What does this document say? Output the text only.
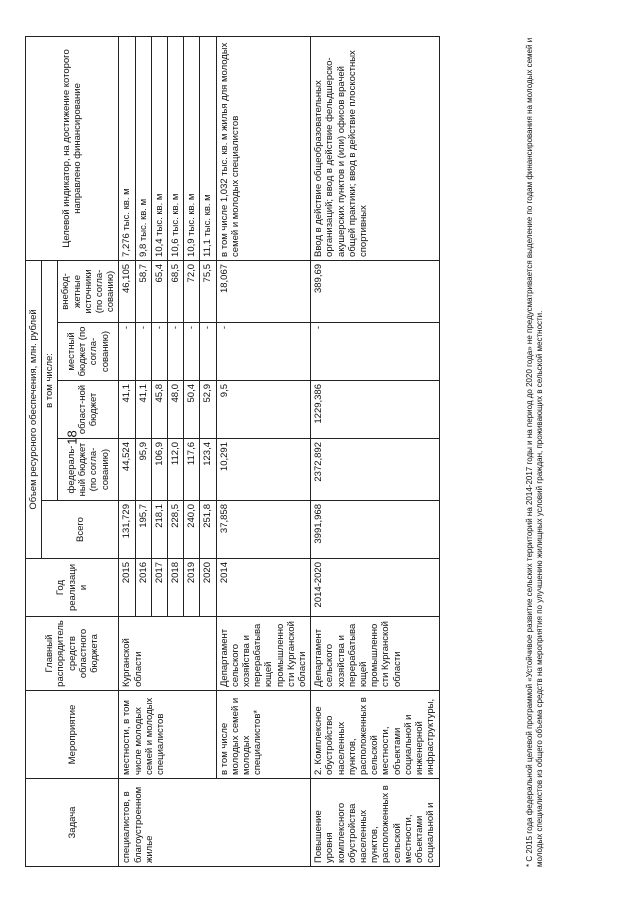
18
Задача	Мероприятие	Главный распорядитель средств областного бюджета	Год реализации	Объем ресурсного обеспечения, млн. рублей					Целевой индикатор, на достижение которого направлено финансирование
				Всего	в том числе:				
					федераль-ный бюджет (по согла-сованию)	област-ной бюджет	местный бюджет (по согла-сованию)	внебюд-жетные источники (по согла-сованию)	
специалистов, в благоустроенном жилье	местности, в том числе молодых семей и молодых специалистов	Курганской области	2015	131,729	44,524	41,1	-	46,105	7,276 тыс. кв. м
			2016	195,7	95,9	41,1	-	58,7	9,8 тыс. кв. м
			2017	218,1	106,9	45,8	-	65,4	10,4 тыс. кв. м
			2018	228,5	112,0	48,0	-	68,5	10,6 тыс. кв. м
			2019	240,0	117,6	50,4	-	72,0	10,9 тыс. кв. м
			2020	251,8	123,4	52,9	-	75,5	11,1 тыс. кв. м
	в том числе молодых семей и молодых специалистов*	Департамент сельского хозяйства и перерабатывающей промышленности Курганской области	2014	37,858	10,291	9,5	-	18,067	в том числе 1,032 тыс. кв. м жилья для молодых семей и молодых специалистов
Повышение уровня комплексного обустройства населенных пунктов, расположенных в сельской местности, объектами социальной и	2. Комплексное обустройство населенных пунктов, расположенных в сельской местности, объектами социальной и инженерной инфраструктуры,	Департамент сельского хозяйства и перерабатывающей промышленности Курганской области	2014-2020	3991,968	2372,892	1229,386	-	389,69	Ввод в действие общеобразовательных организаций; ввод в действие фельдшерско-акушерских пунктов и (или) офисов врачей общей практики; ввод в действие плоскостных спортивных	* С 2015 года федеральной целевой программой «Устойчивое развитие сельских территорий на 2014-2017 годы и на период до 2020 года» не предусматривается выделение по годам финансирования на молодых семей и молодых специалистов из общего объема средств на мероприятия по улучшению жилищных условий граждан, проживающих в сельской местности.
